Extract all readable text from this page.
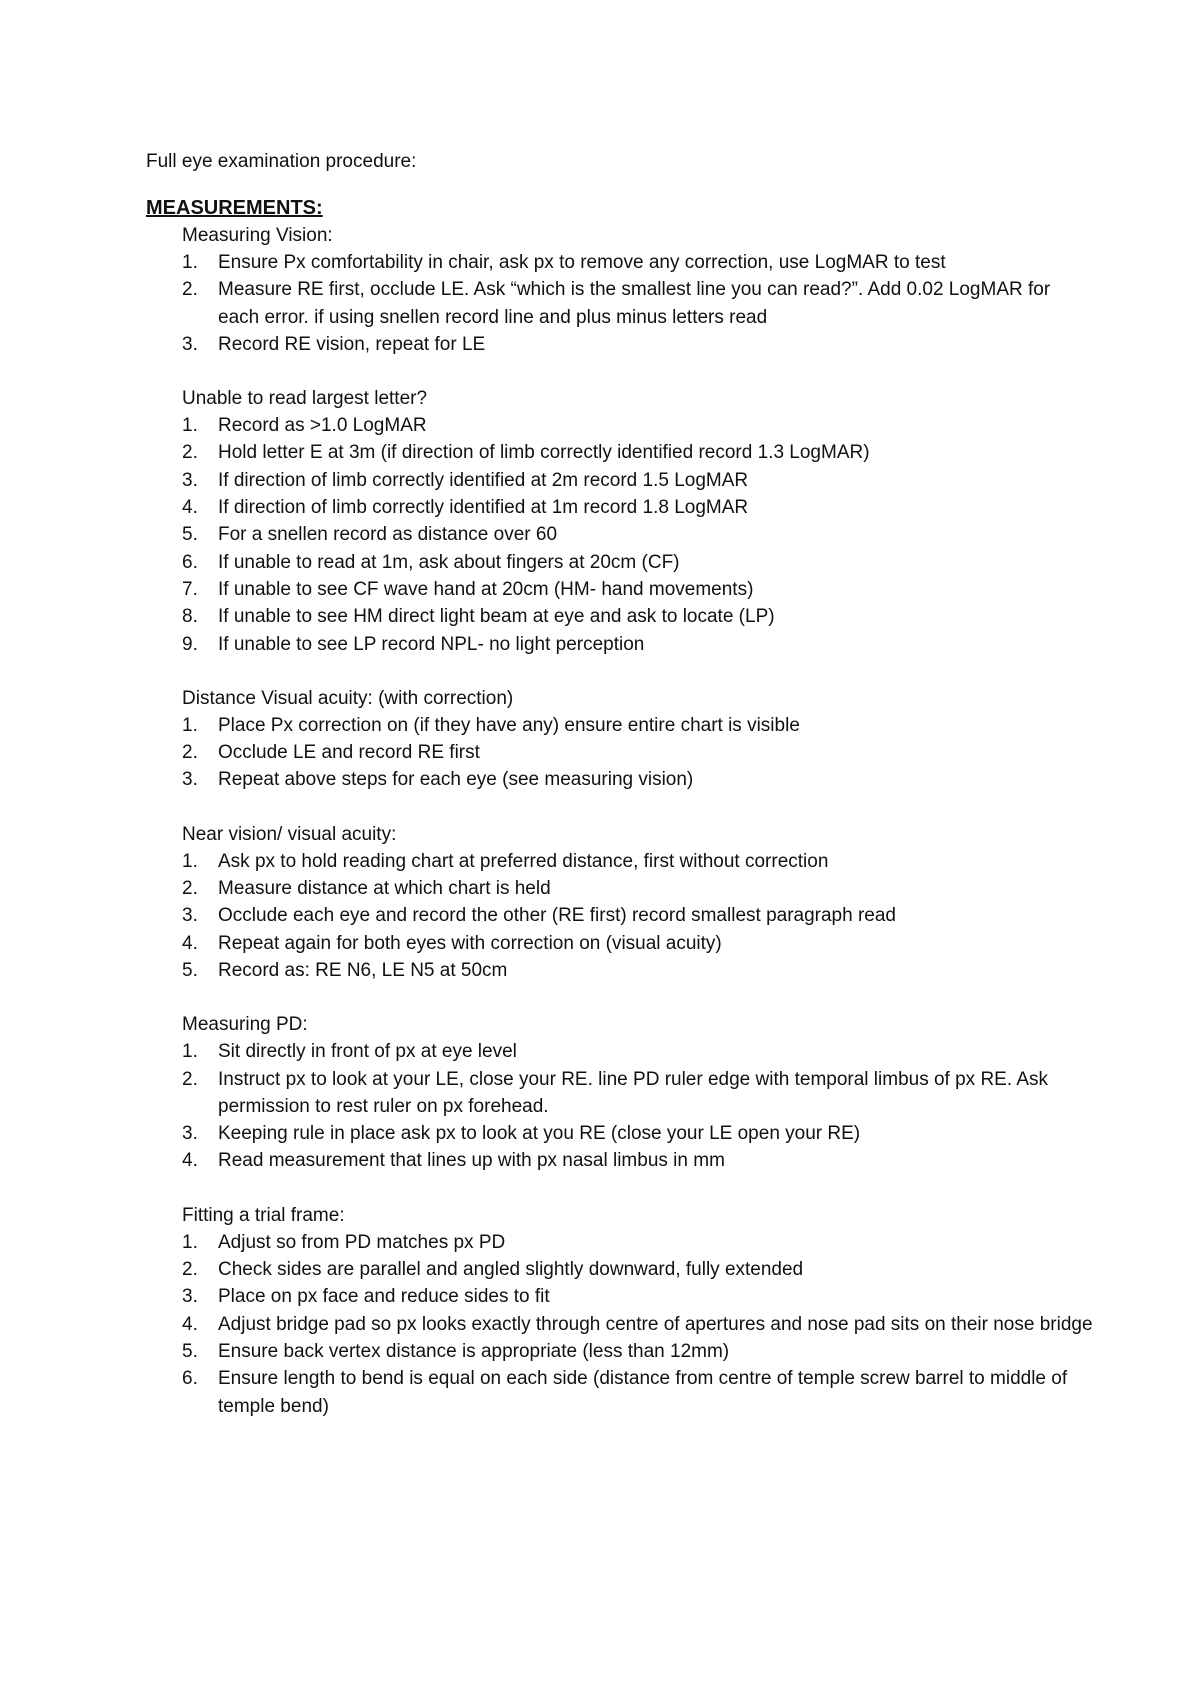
Full eye examination procedure:
MEASUREMENTS:
Measuring Vision:
1. Ensure Px comfortability in chair, ask px to remove any correction, use LogMAR to test
2. Measure RE first, occlude LE. Ask “which is the smallest line you can read?”. Add 0.02 LogMAR for each error. if using snellen record line and plus minus letters read
3. Record RE vision, repeat for LE
Unable to read largest letter?
1. Record as >1.0 LogMAR
2. Hold letter E at 3m (if direction of limb correctly identified record 1.3 LogMAR)
3. If direction of limb correctly identified at 2m record 1.5 LogMAR
4. If direction of limb correctly identified at 1m record 1.8 LogMAR
5. For a snellen record as distance over 60
6. If unable to read at 1m, ask about fingers at 20cm (CF)
7. If unable to see CF wave hand at 20cm (HM- hand movements)
8. If unable to see HM direct light beam at eye and ask to locate (LP)
9. If unable to see LP record NPL- no light perception
Distance Visual acuity: (with correction)
1. Place Px correction on (if they have any) ensure entire chart is visible
2. Occlude LE and record RE first
3. Repeat above steps for each eye (see measuring vision)
Near vision/ visual acuity:
1. Ask px to hold reading chart at preferred distance, first without correction
2. Measure distance at which chart is held
3. Occlude each eye and record the other (RE first) record smallest paragraph read
4. Repeat again for both eyes with correction on (visual acuity)
5. Record as: RE N6, LE N5 at 50cm
Measuring PD:
1. Sit directly in front of px at eye level
2. Instruct px to look at your LE, close your RE. line PD ruler edge with temporal limbus of px RE. Ask permission to rest ruler on px forehead.
3. Keeping rule in place ask px to look at you RE (close your LE open your RE)
4. Read measurement that lines up with px nasal limbus in mm
Fitting a trial frame:
1. Adjust so from PD matches px PD
2. Check sides are parallel and angled slightly downward, fully extended
3. Place on px face and reduce sides to fit
4. Adjust bridge pad so px looks exactly through centre of apertures and nose pad sits on their nose bridge
5. Ensure back vertex distance is appropriate (less than 12mm)
6. Ensure length to bend is equal on each side (distance from centre of temple screw barrel to middle of temple bend)
